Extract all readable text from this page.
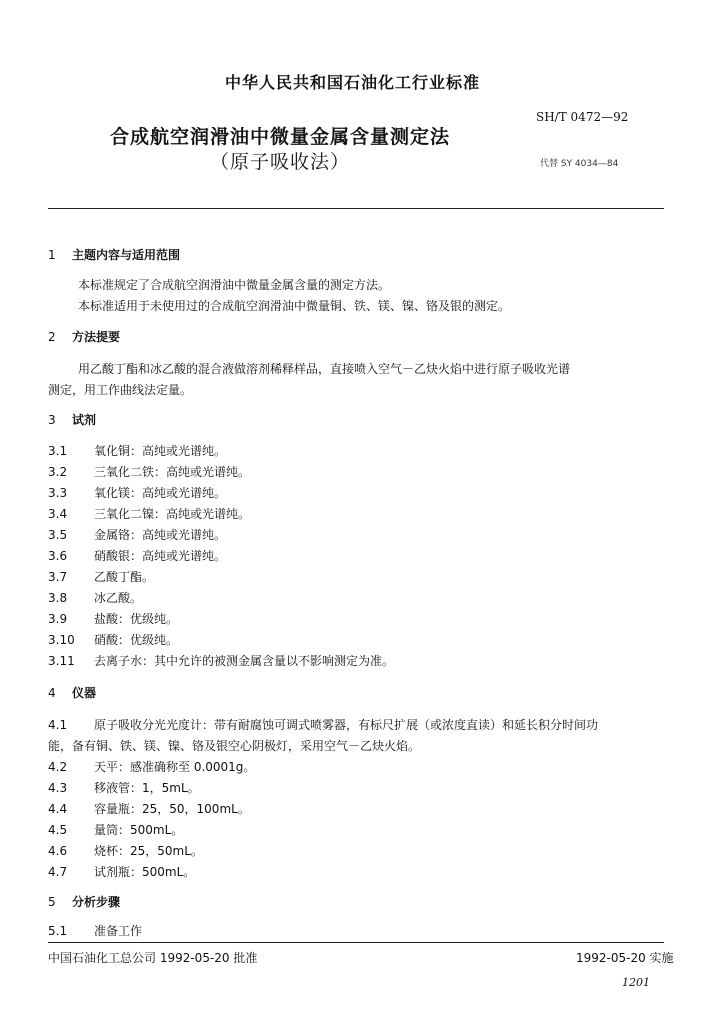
中华人民共和国石油化工行业标准
SH/T 0472—92
合成航空润滑油中微量金属含量测定法
（原子吸收法）	代替 SY 4034—84
1 主题内容与适用范围
本标准规定了合成航空润滑油中微量金属含量的测定方法。
本标准适用于未使用过的合成航空润滑油中微量铜、铁、镁、镍、铬及银的测定。
2 方法提要
用乙酸丁酯和冰乙酸的混合液做溶剂稀释样品，直接喷入空气－乙炔火焰中进行原子吸收光谱
测定，用工作曲线法定量。
3 试剂
3.1 氧化铜：高纯或光谱纯。
3.2 三氧化二铁：高纯或光谱纯。
3.3 氧化镁：高纯或光谱纯。
3.4 三氧化二镍：高纯或光谱纯。
3.5 金属铬：高纯或光谱纯。
3.6 硝酸银：高纯或光谱纯。
3.7 乙酸丁酯。
3.8 冰乙酸。
3.9 盐酸：优级纯。
3.10 硝酸：优级纯。
3.11 去离子水：其中允许的被测金属含量以不影响测定为准。
4 仪器
4.1 原子吸收分光光度计：带有耐腐蚀可调式喷雾器，有标尺扩展（或浓度直读）和延长积分时间功
能，备有铜、铁、镁、镍、铬及银空心阴极灯，采用空气－乙炔火焰。
4.2 天平：感准确称至 0.0001g。
4.3 移液管：1，5mL。
4.4 容量瓶：25，50，100mL。
4.5 量筒：500mL。
4.6 烧杯：25，50mL。
4.7 试剂瓶：500mL。
5 分析步骤
5.1 准备工作
中国石油化工总公司 1992-05-20 批准	1992-05-20 实施
1201
